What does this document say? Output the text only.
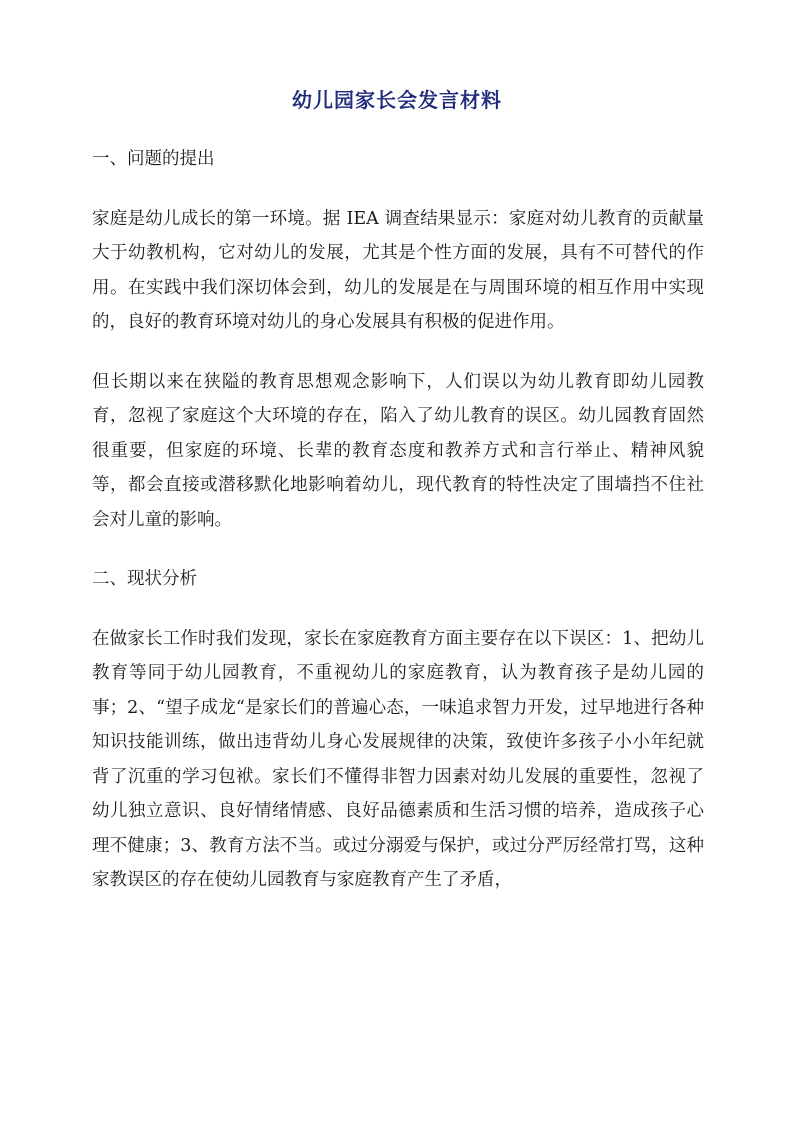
幼儿园家长会发言材料
一、问题的提出

家庭是幼儿成长的第一环境。据 IEA 调查结果显示：家庭对幼儿教育的贡献量大于幼教机构，它对幼儿的发展，尤其是个性方面的发展，具有不可替代的作用。在实践中我们深切体会到，幼儿的发展是在与周围环境的相互作用中实现的，良好的教育环境对幼儿的身心发展具有积极的促进作用。

但长期以来在狭隘的教育思想观念影响下，人们误以为幼儿教育即幼儿园教育，忽视了家庭这个大环境的存在，陷入了幼儿教育的误区。幼儿园教育固然很重要，但家庭的环境、长辈的教育态度和教养方式和言行举止、精神风貌等，都会直接或潜移默化地影响着幼儿，现代教育的特性决定了围墙挡不住社会对儿童的影响。

二、现状分析

在做家长工作时我们发现，家长在家庭教育方面主要存在以下误区：1、把幼儿教育等同于幼儿园教育，不重视幼儿的家庭教育，认为教育孩子是幼儿园的事；2、“望子成龙“是家长们的普遍心态，一味追求智力开发，过早地进行各种知识技能训练，做出违背幼儿身心发展规律的决策，致使许多孩子小小年纪就背了沉重的学习包袱。家长们不懂得非智力因素对幼儿发展的重要性，忽视了幼儿独立意识、良好情绪情感、良好品德素质和生活习惯的培养，造成孩子心理不健康；3、教育方法不当。或过分溺爱与保护，或过分严厉经常打骂，这种家教误区的存在使幼儿园教育与家庭教育产生了矛盾，
